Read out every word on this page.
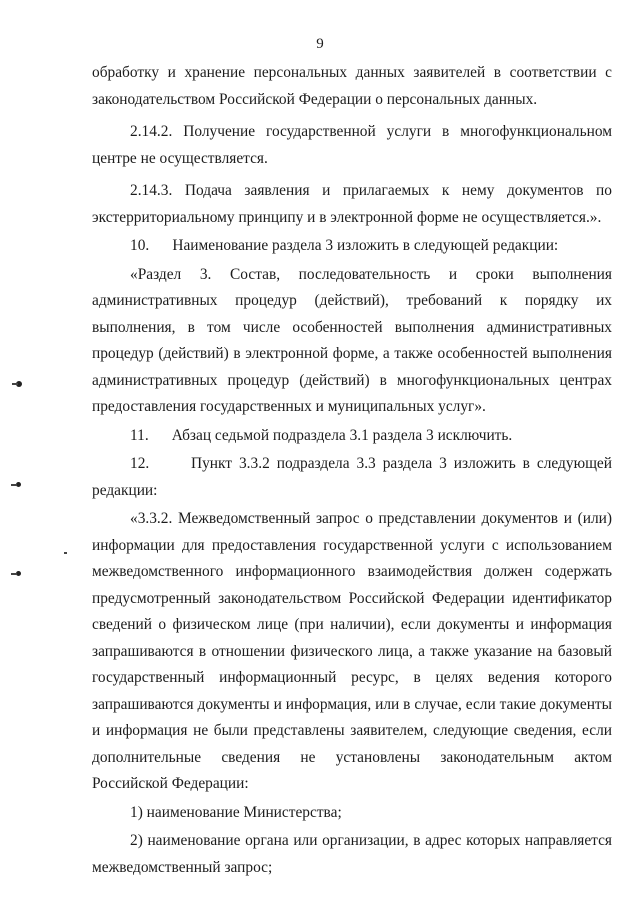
9

обработку и хранение персональных данных заявителей в соответствии с
законодательством Российской Федерации о персональных данных.

2.14.2. Получение государственной услуги в многофункциональном
центре не осуществляется.

2.14.3. Подача заявления и прилагаемых к нему документов по
экстерриториальному принципу и в электронной форме не осуществляется.».

10.      Наименование раздела 3 изложить в следующей редакции:

«Раздел 3. Состав, последовательность и сроки выполнения
административных процедур (действий), требований к порядку их
выполнения, в том числе особенностей выполнения административных
процедур (действий) в электронной форме, а также особенностей выполнения
административных процедур (действий) в многофункциональных центрах
предоставления государственных и муниципальных услуг».

11.      Абзац седьмой подраздела 3.1 раздела 3 исключить.

12.      Пункт 3.3.2 подраздела 3.3 раздела 3 изложить в следующей
редакции:

«3.3.2. Межведомственный запрос о представлении документов и (или)
информации для предоставления государственной услуги с использованием
межведомственного информационного взаимодействия должен содержать
предусмотренный законодательством Российской Федерации идентификатор
сведений о физическом лице (при наличии), если документы и информация
запрашиваются в отношении физического лица, а также указание на базовый
государственный информационный ресурс, в целях ведения которого
запрашиваются документы и информация, или в случае, если такие документы
и информация не были представлены заявителем, следующие сведения, если
дополнительные сведения не установлены законодательным актом
Российской Федерации:

1) наименование Министерства;

2) наименование органа или организации, в адрес которых направляется
межведомственный запрос;
